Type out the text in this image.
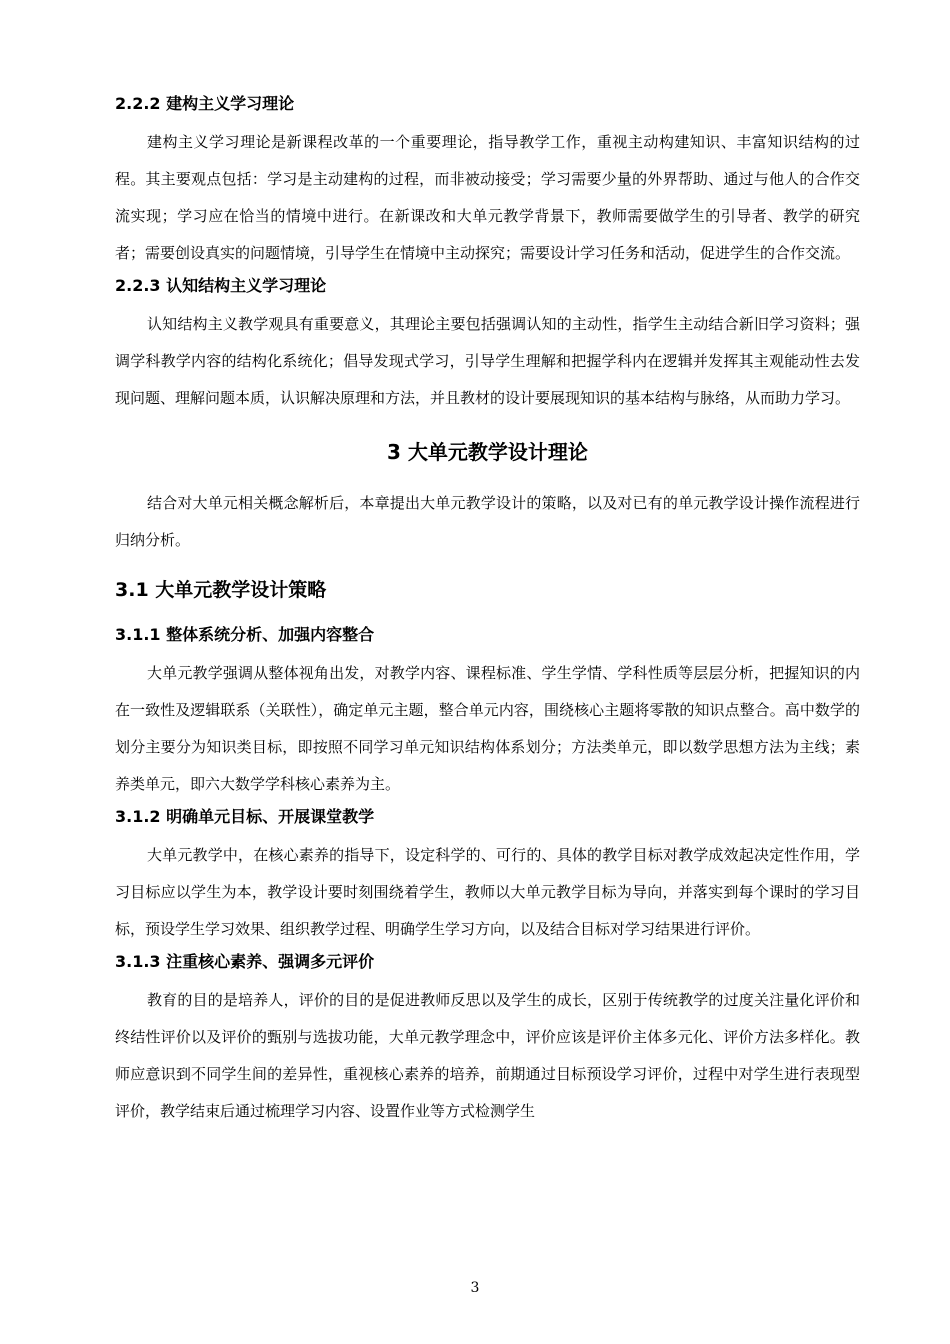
2.2.2 建构主义学习理论

建构主义学习理论是新课程改革的一个重要理论，指导教学工作，重视主动构建知识、丰富知识结构的过程。其主要观点包括：学习是主动建构的过程，而非被动接受；学习需要少量的外界帮助、通过与他人的合作交流实现；学习应在恰当的情境中进行。在新课改和大单元教学背景下，教师需要做学生的引导者、教学的研究者；需要创设真实的问题情境，引导学生在情境中主动探究；需要设计学习任务和活动，促进学生的合作交流。

2.2.3 认知结构主义学习理论

认知结构主义教学观具有重要意义，其理论主要包括强调认知的主动性，指学生主动结合新旧学习资料；强调学科教学内容的结构化系统化；倡导发现式学习，引导学生理解和把握学科内在逻辑并发挥其主观能动性去发现问题、理解问题本质，认识解决原理和方法，并且教材的设计要展现知识的基本结构与脉络，从而助力学习。

3 大单元教学设计理论

结合对大单元相关概念解析后，本章提出大单元教学设计的策略，以及对已有的单元教学设计操作流程进行归纳分析。

3.1 大单元教学设计策略
3.1.1 整体系统分析、加强内容整合

大单元教学强调从整体视角出发，对教学内容、课程标准、学生学情、学科性质等层层分析，把握知识的内在一致性及逻辑联系（关联性），确定单元主题，整合单元内容，围绕核心主题将零散的知识点整合。高中数学的划分主要分为知识类目标，即按照不同学习单元知识结构体系划分；方法类单元，即以数学思想方法为主线；素养类单元，即六大数学学科核心素养为主。

3.1.2 明确单元目标、开展课堂教学

大单元教学中，在核心素养的指导下，设定科学的、可行的、具体的教学目标对教学成效起决定性作用，学习目标应以学生为本，教学设计要时刻围绕着学生，教师以大单元教学目标为导向，并落实到每个课时的学习目标，预设学生学习效果、组织教学过程、明确学生学习方向，以及结合目标对学习结果进行评价。

3.1.3 注重核心素养、强调多元评价

教育的目的是培养人，评价的目的是促进教师反思以及学生的成长，区别于传统教学的过度关注量化评价和终结性评价以及评价的甄别与选拔功能，大单元教学理念中，评价应该是评价主体多元化、评价方法多样化。教师应意识到不同学生间的差异性，重视核心素养的培养，前期通过目标预设学习评价，过程中对学生进行表现型评价，教学结束后通过梳理学习内容、设置作业等方式检测学生

3
